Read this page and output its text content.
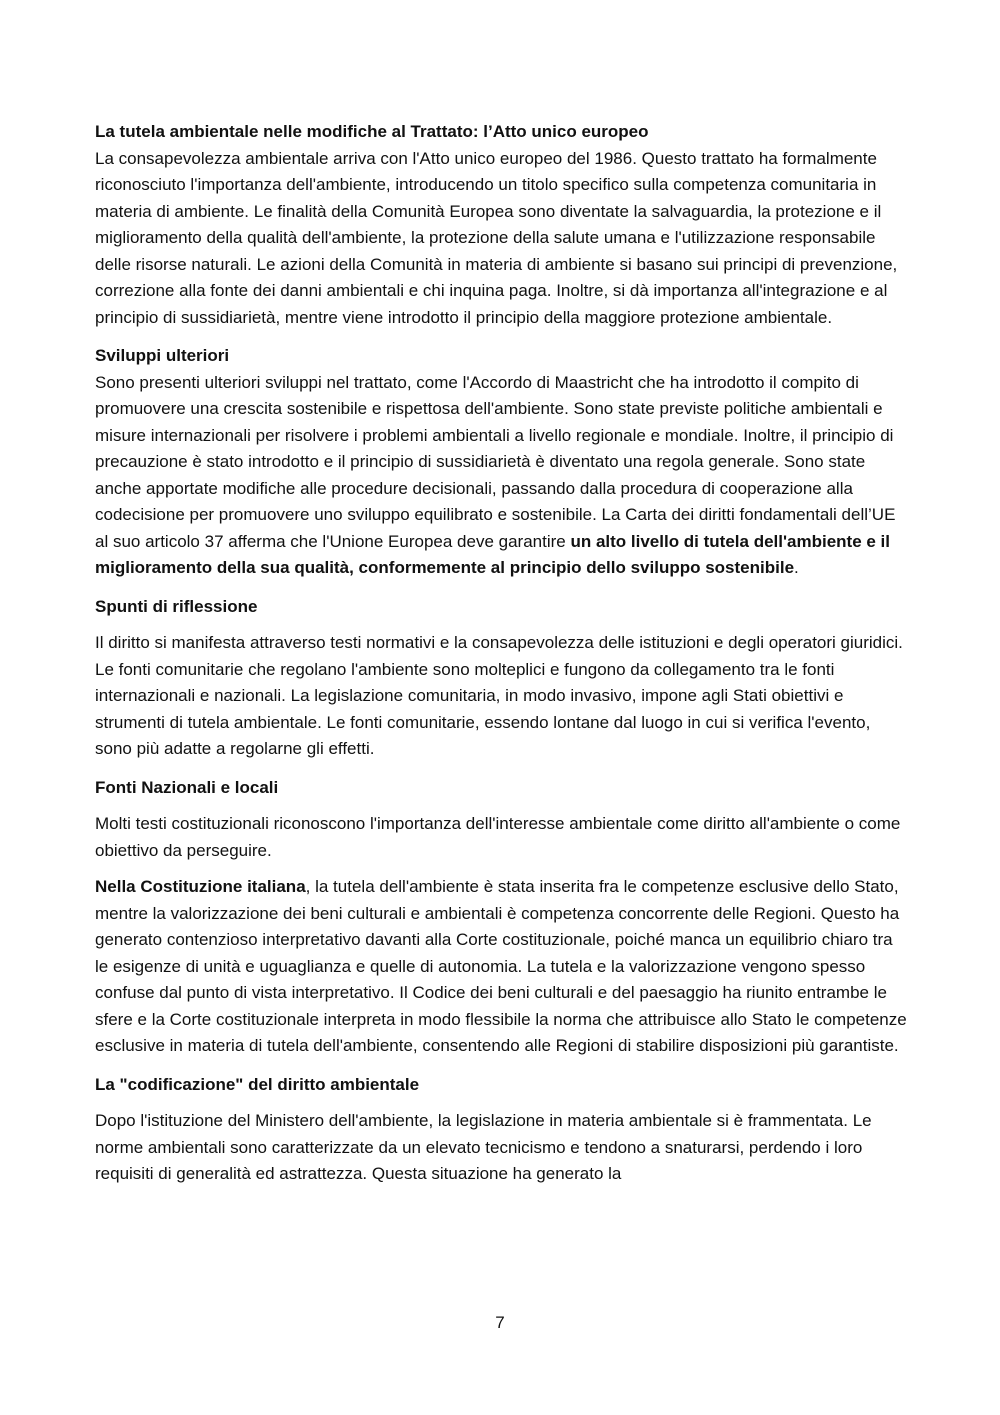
La tutela ambientale nelle modifiche al Trattato: l’Atto unico europeo

La consapevolezza ambientale arriva con l'Atto unico europeo del 1986. Questo trattato ha formalmente riconosciuto l'importanza dell'ambiente, introducendo un titolo specifico sulla competenza comunitaria in materia di ambiente. Le finalità della Comunità Europea sono diventate la salvaguardia, la protezione e il miglioramento della qualità dell'ambiente, la protezione della salute umana e l'utilizzazione responsabile delle risorse naturali. Le azioni della Comunità in materia di ambiente si basano sui principi di prevenzione, correzione alla fonte dei danni ambientali e chi inquina paga. Inoltre, si dà importanza all'integrazione e al principio di sussidiarietà, mentre viene introdotto il principio della maggiore protezione ambientale.

Sviluppi ulteriori

Sono presenti ulteriori sviluppi nel trattato, come l'Accordo di Maastricht che ha introdotto il compito di promuovere una crescita sostenibile e rispettosa dell'ambiente. Sono state previste politiche ambientali e misure internazionali per risolvere i problemi ambientali a livello regionale e mondiale. Inoltre, il principio di precauzione è stato introdotto e il principio di sussidiarietà è diventato una regola generale. Sono state anche apportate modifiche alle procedure decisionali, passando dalla procedura di cooperazione alla codecisione per promuovere uno sviluppo equilibrato e sostenibile. La Carta dei diritti fondamentali dell’UE al suo articolo 37 afferma che l'Unione Europea deve garantire un alto livello di tutela dell'ambiente e il miglioramento della sua qualità, conformemente al principio dello sviluppo sostenibile.

Spunti di riflessione

Il diritto si manifesta attraverso testi normativi e la consapevolezza delle istituzioni e degli operatori giuridici. Le fonti comunitarie che regolano l'ambiente sono molteplici e fungono da collegamento tra le fonti internazionali e nazionali. La legislazione comunitaria, in modo invasivo, impone agli Stati obiettivi e strumenti di tutela ambientale. Le fonti comunitarie, essendo lontane dal luogo in cui si verifica l'evento, sono più adatte a regolarne gli effetti.

Fonti Nazionali e locali

Molti testi costituzionali riconoscono l'importanza dell'interesse ambientale come diritto all'ambiente o come obiettivo da perseguire.

Nella Costituzione italiana, la tutela dell'ambiente è stata inserita fra le competenze esclusive dello Stato, mentre la valorizzazione dei beni culturali e ambientali è competenza concorrente delle Regioni. Questo ha generato contenzioso interpretativo davanti alla Corte costituzionale, poiché manca un equilibrio chiaro tra le esigenze di unità e uguaglianza e quelle di autonomia. La tutela e la valorizzazione vengono spesso confuse dal punto di vista interpretativo. Il Codice dei beni culturali e del paesaggio ha riunito entrambe le sfere e la Corte costituzionale interpreta in modo flessibile la norma che attribuisce allo Stato le competenze esclusive in materia di tutela dell'ambiente, consentendo alle Regioni di stabilire disposizioni più garantiste.

La "codificazione" del diritto ambientale

Dopo l'istituzione del Ministero dell'ambiente, la legislazione in materia ambientale si è frammentata. Le norme ambientali sono caratterizzate da un elevato tecnicismo e tendono a snaturarsi, perdendo i loro requisiti di generalità ed astrattezza. Questa situazione ha generato la

7
